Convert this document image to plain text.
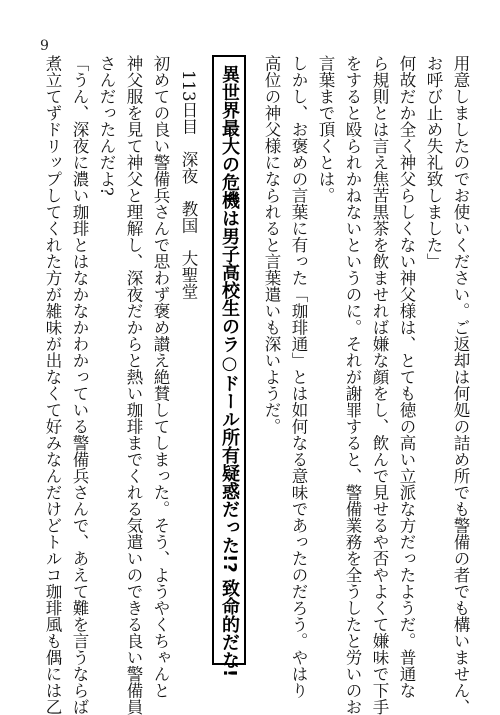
9
用意しましたのでお使いください。ご返却は何処の詰め所でも警備の者でも構いません、
お呼び止め失礼致しました」
何故だか全く神父らしくない神父様は、とても徳の高い立派な方だったようだ。普通な
ら規則とは言え焦苦黒茶を飲ませれば嫌な顔をし、飲んで見せるや否やよくて嫌味で下手
をすると殴られかねないというのに。それが謝罪すると、警備業務を全うしたと労いのお
言葉まで頂くとは。
しかし、お褒めの言葉に有った「珈琲通」とは如何なる意味であったのだろう。やはり
高位の神父様になられると言葉遣いも深いようだ。
異世界最大の危機は男子高校生のラ○ドール所有疑惑だった!? 致命的だな!
113日目　深夜　教国　大聖堂
初めての良い警備兵さんで思わず褒め讃え絶賛してしまった。そう、ようやくちゃんと
神父服を見て神父と理解し、深夜だからと熱い珈琲までくれる気遣いのできる良い警備員
さんだったんだよ?
「うん、深夜に濃い珈琲とはなかなかわかっている警備兵さんで、あえて難を言うならば
煮立てずドリップしてくれた方が雑味が出なくて好みなんだけどトルコ珈琲風も偶には乙
